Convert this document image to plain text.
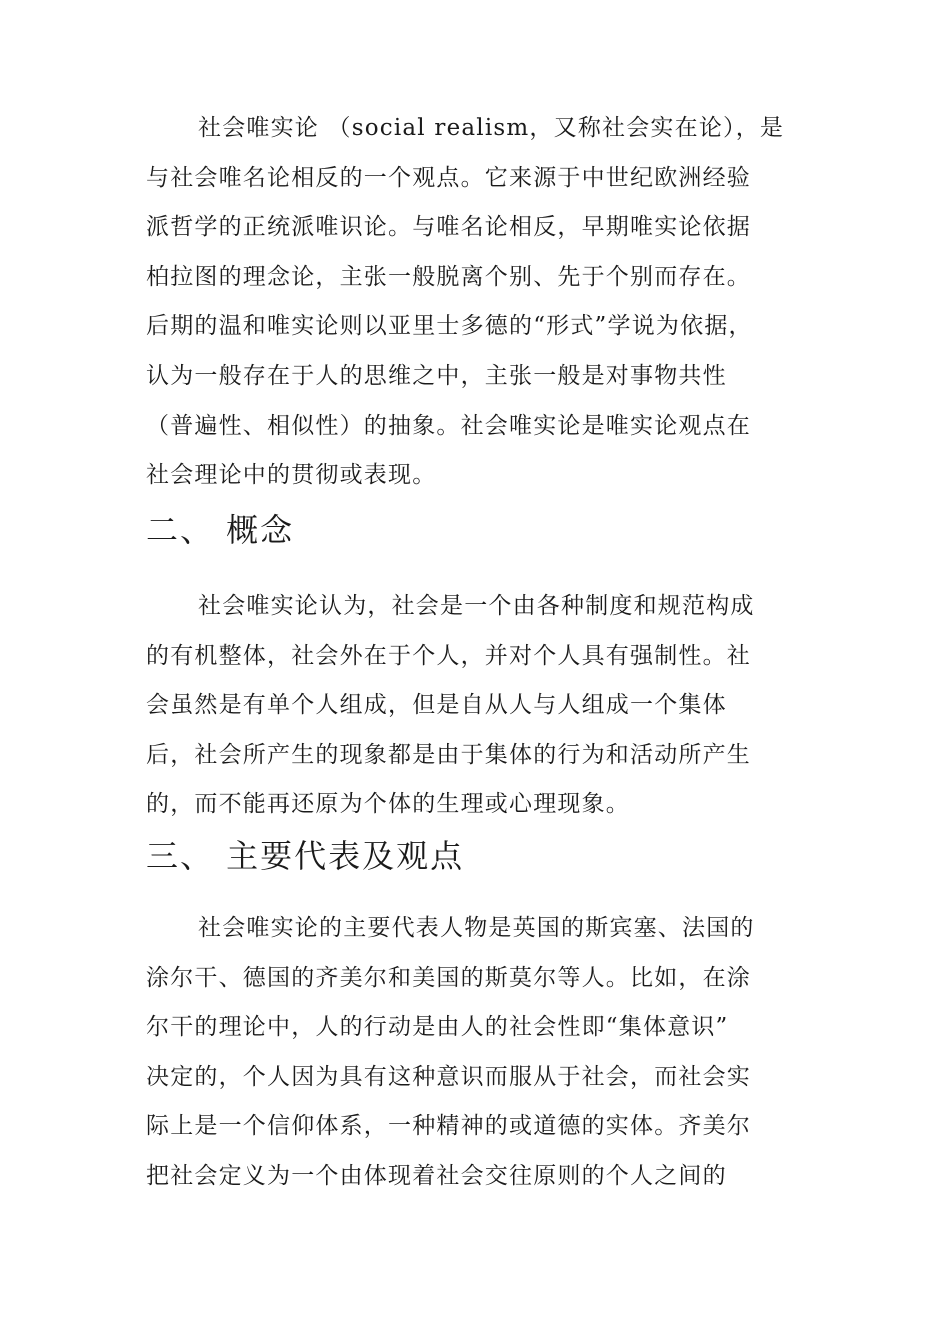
社会唯实论 （social realism，又称社会实在论），是
与社会唯名论相反的一个观点。它来源于中世纪欧洲经验
派哲学的正统派唯识论。与唯名论相反，早期唯实论依据
柏拉图的理念论，主张一般脱离个别、先于个别而存在。
后期的温和唯实论则以亚里士多德的“形式”学说为依据，
认为一般存在于人的思维之中，主张一般是对事物共性
（普遍性、相似性）的抽象。社会唯实论是唯实论观点在
社会理论中的贯彻或表现。

二、 概念

社会唯实论认为，社会是一个由各种制度和规范构成
的有机整体，社会外在于个人，并对个人具有强制性。社
会虽然是有单个人组成，但是自从人与人组成一个集体
后，社会所产生的现象都是由于集体的行为和活动所产生
的，而不能再还原为个体的生理或心理现象。

三、 主要代表及观点

社会唯实论的主要代表人物是英国的斯宾塞、法国的
涂尔干、德国的齐美尔和美国的斯莫尔等人。比如，在涂
尔干的理论中，人的行动是由人的社会性即“集体意识”
决定的，个人因为具有这种意识而服从于社会，而社会实
际上是一个信仰体系，一种精神的或道德的实体。齐美尔
把社会定义为一个由体现着社会交往原则的个人之间的
